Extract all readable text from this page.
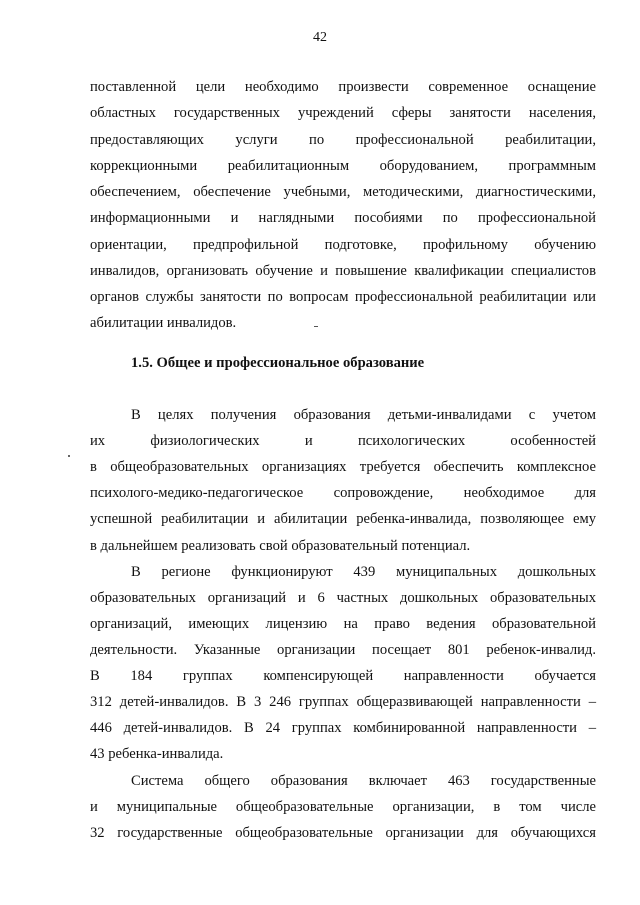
42
поставленной цели необходимо произвести современное оснащение
областных государственных учреждений сферы занятости населения,
предоставляющих услуги по профессиональной реабилитации,
коррекционными реабилитационным оборудованием, программным
обеспечением, обеспечение учебными, методическими, диагностическими,
информационными и наглядными пособиями по профессиональной
ориентации, предпрофильной подготовке, профильному обучению
инвалидов, организовать обучение и повышение квалификации специалистов
органов службы занятости по вопросам профессиональной реабилитации или
абилитации инвалидов.
1.5. Общее и профессиональное образование
В целях получения образования детьми-инвалидами с учетом
их физиологических и психологических особенностей
в общеобразовательных организациях требуется обеспечить комплексное
психолого-медико-педагогическое сопровождение, необходимое для
успешной реабилитации и абилитации ребенка-инвалида, позволяющее ему
в дальнейшем реализовать свой образовательный потенциал.
В регионе функционируют 439 муниципальных дошкольных
образовательных организаций и 6 частных дошкольных образовательных
организаций, имеющих лицензию на право ведения образовательной
деятельности. Указанные организации посещает 801 ребенок-инвалид.
В 184 группах компенсирующей направленности обучается
312 детей-инвалидов. В 3 246 группах общеразвивающей направленности –
446 детей-инвалидов. В 24 группах комбинированной направленности –
43 ребенка-инвалида.
Система общего образования включает 463 государственные
и муниципальные общеобразовательные организации, в том числе
32 государственные общеобразовательные организации для обучающихся
